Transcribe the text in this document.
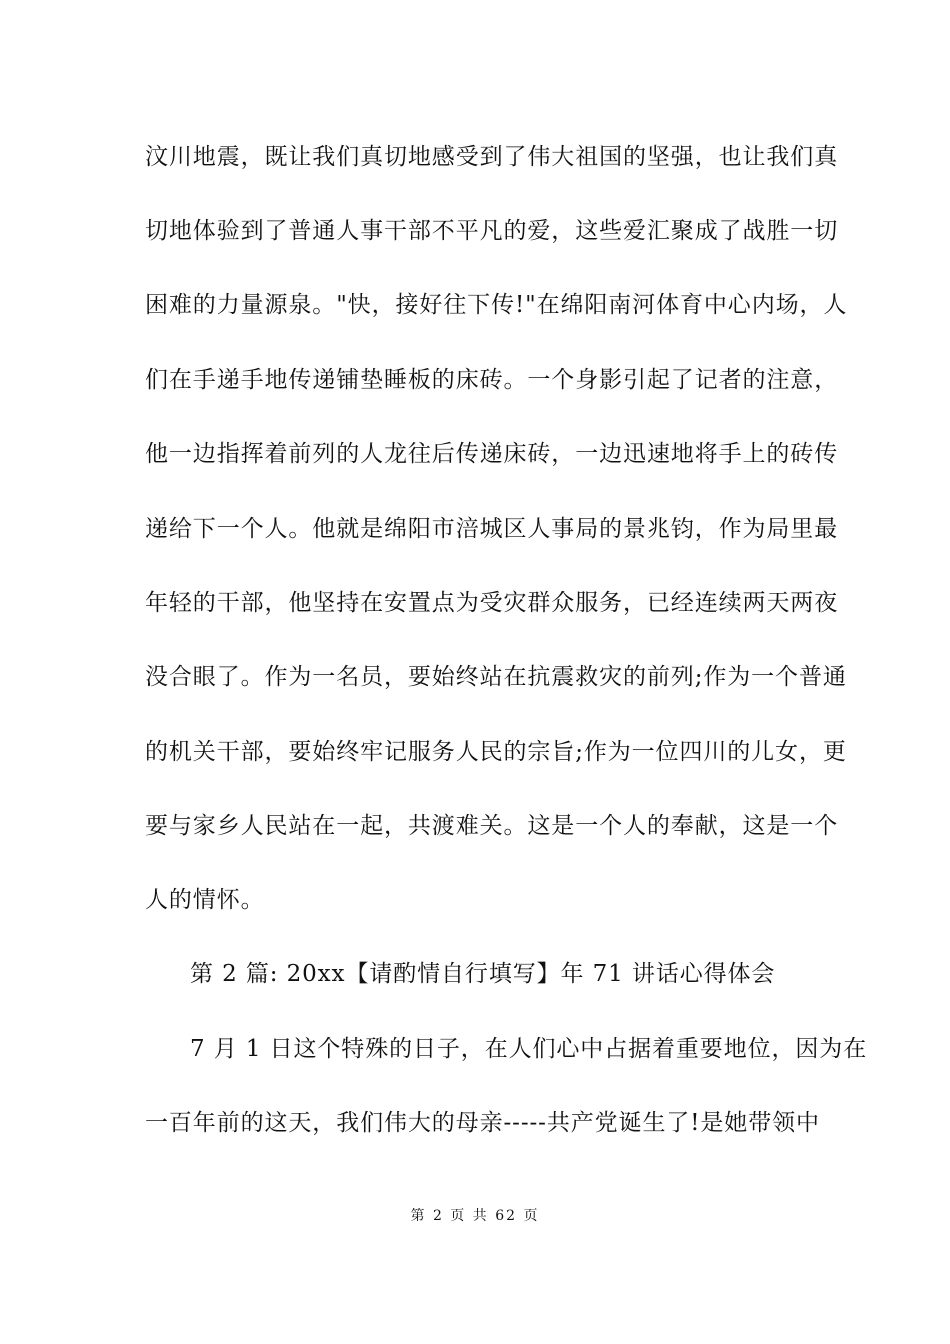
汶川地震，既让我们真切地感受到了伟大祖国的坚强，也让我们真
切地体验到了普通人事干部不平凡的爱，这些爱汇聚成了战胜一切
困难的力量源泉。"快，接好往下传!"在绵阳南河体育中心内场，人
们在手递手地传递铺垫睡板的床砖。一个身影引起了记者的注意，
他一边指挥着前列的人龙往后传递床砖，一边迅速地将手上的砖传
递给下一个人。他就是绵阳市涪城区人事局的景兆钧，作为局里最
年轻的干部，他坚持在安置点为受灾群众服务，已经连续两天两夜
没合眼了。作为一名员，要始终站在抗震救灾的前列;作为一个普通
的机关干部，要始终牢记服务人民的宗旨;作为一位四川的儿女，更
要与家乡人民站在一起，共渡难关。这是一个人的奉献，这是一个
人的情怀。
第 2 篇: 20xx【请酌情自行填写】年 71 讲话心得体会
7 月 1 日这个特殊的日子，在人们心中占据着重要地位，因为在
一百年前的这天，我们伟大的母亲-----共产党诞生了!是她带领中
第 2 页 共 62 页
